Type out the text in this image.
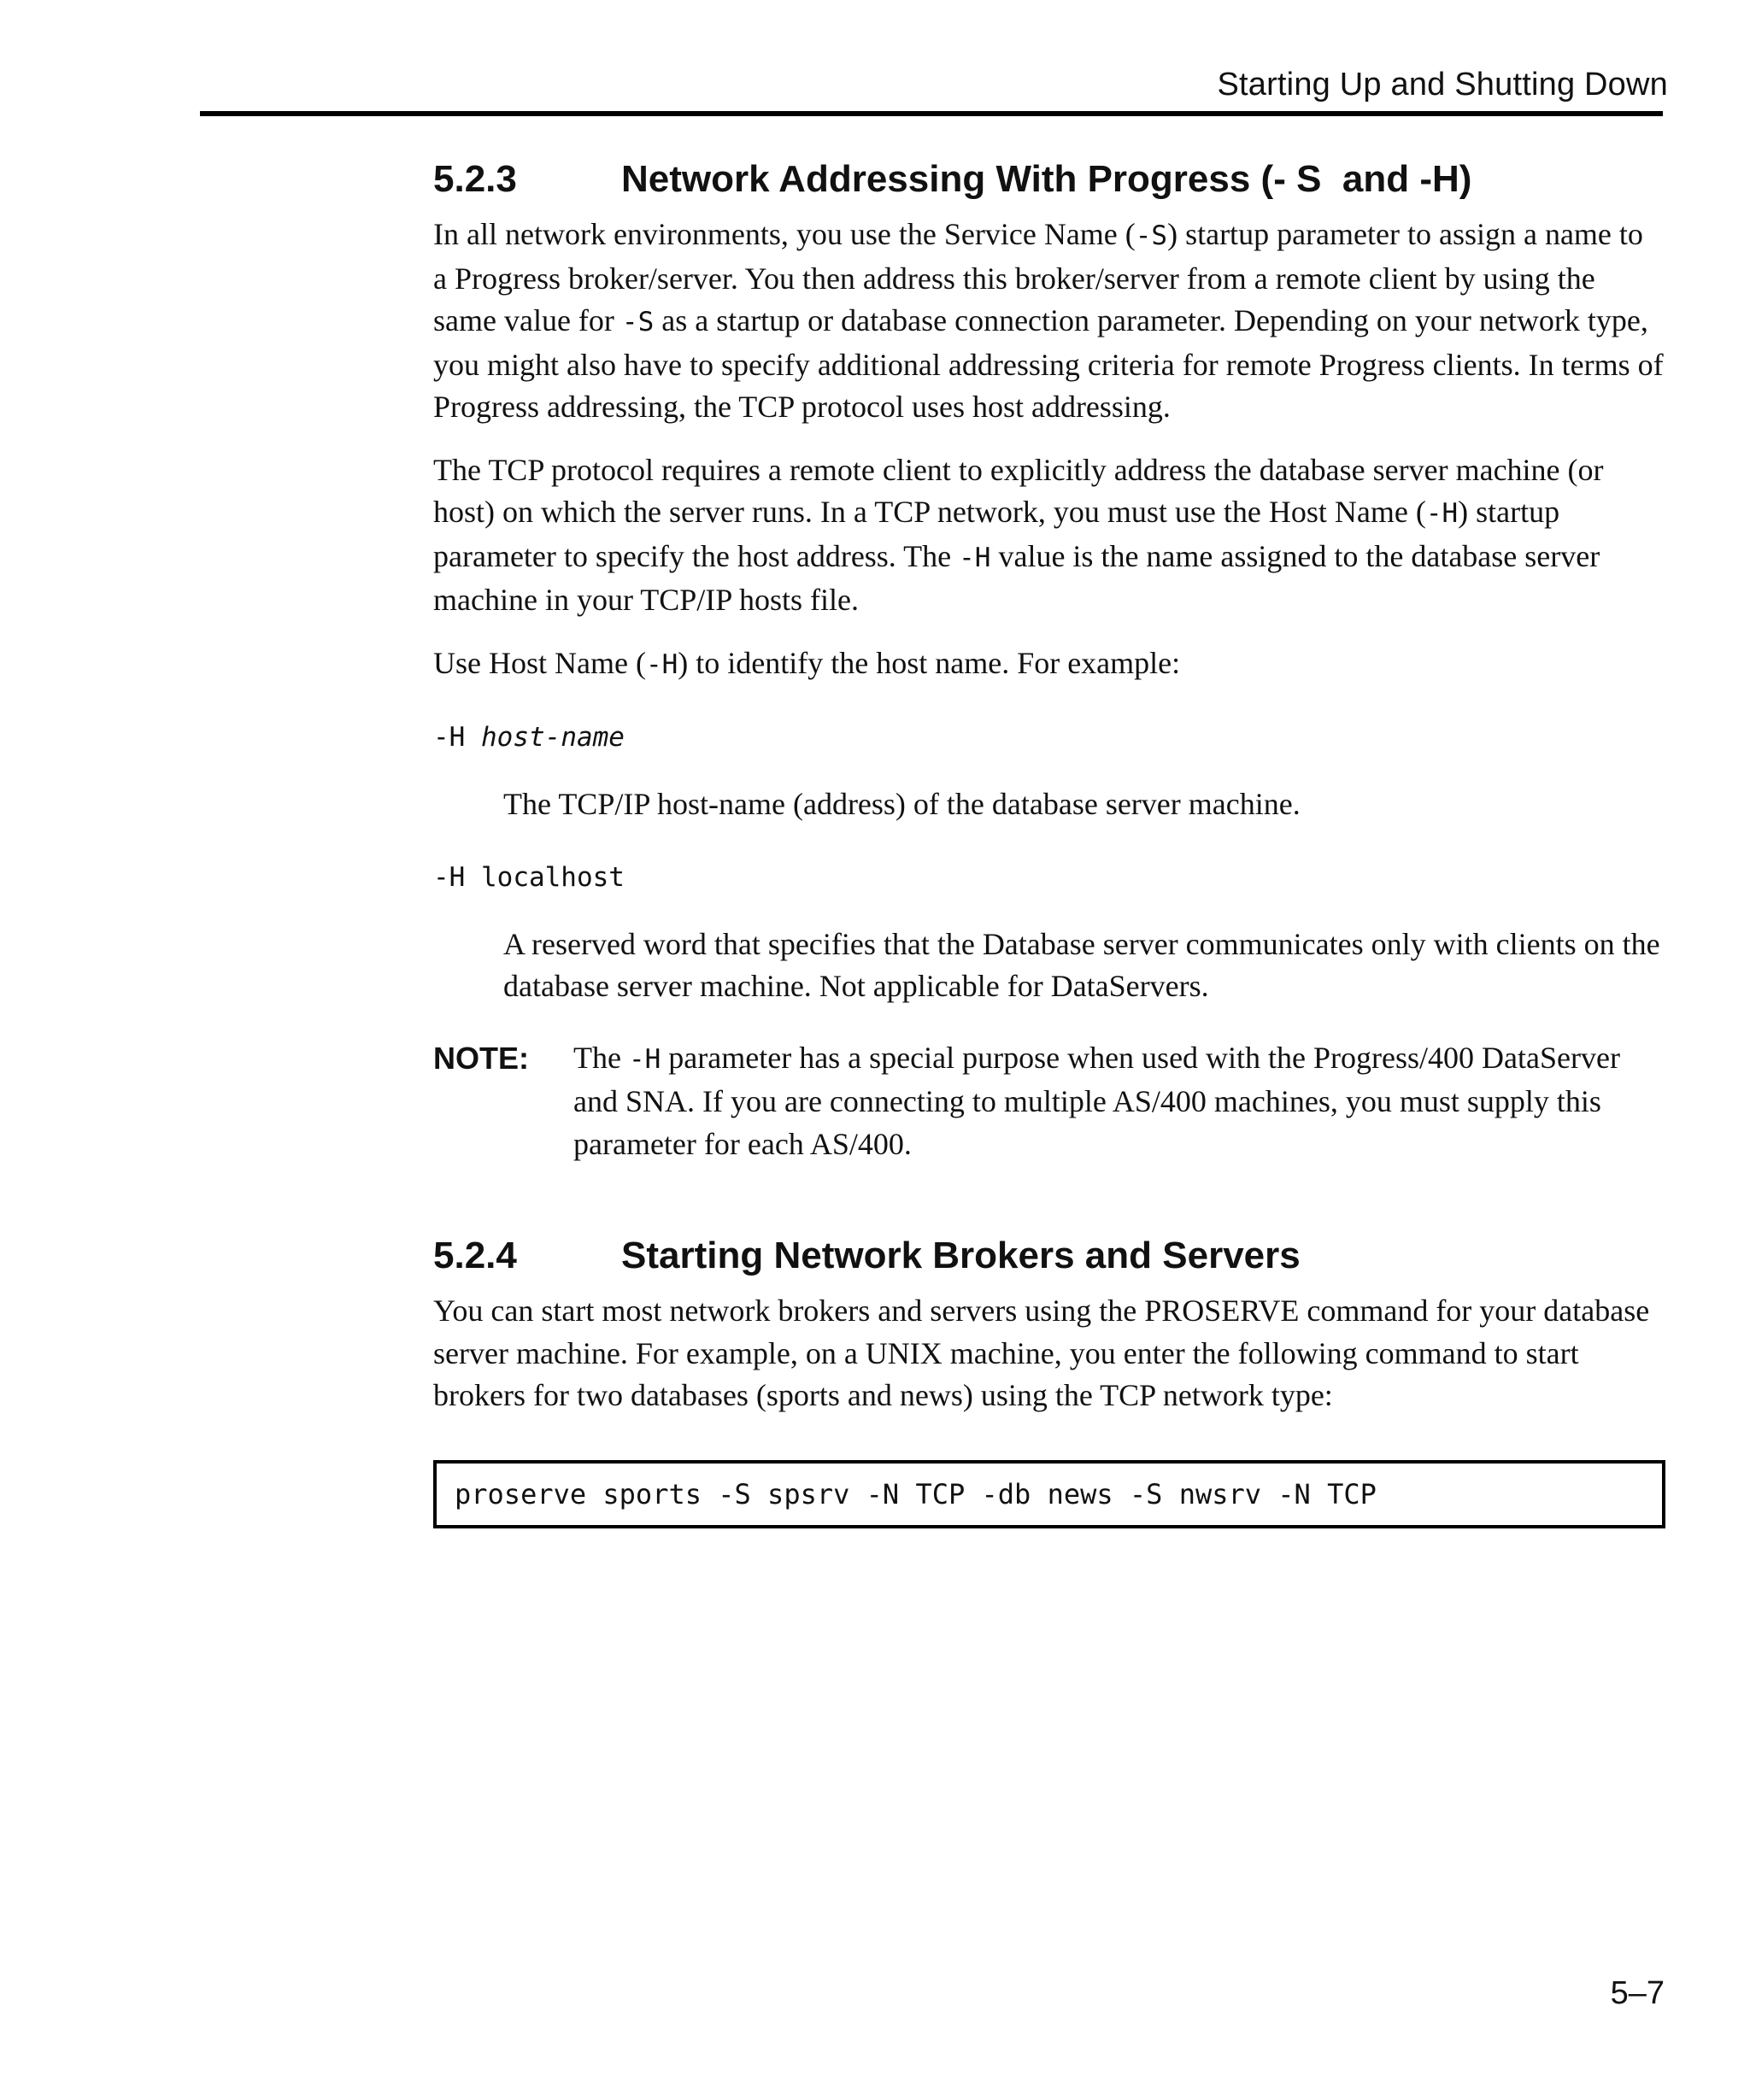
Starting Up and Shutting Down
5.2.3	Network Addressing With Progress (- S  and -H)

In all network environments, you use the Service Name (-S) startup parameter to assign a name to a Progress broker/server. You then address this broker/server from a remote client by using the same value for -S as a startup or database connection parameter. Depending on your network type, you might also have to specify additional addressing criteria for remote Progress clients. In terms of Progress addressing, the TCP protocol uses host addressing.

The TCP protocol requires a remote client to explicitly address the database server machine (or host) on which the server runs. In a TCP network, you must use the Host Name (-H) startup parameter to specify the host address. The -H value is the name assigned to the database server machine in your TCP/IP hosts file.

Use Host Name (-H) to identify the host name. For example:

-H host-name

The TCP/IP host-name (address) of the database server machine.

-H localhost

A reserved word that specifies that the Database server communicates only with clients on the database server machine. Not applicable for DataServers.

NOTE:	The -H parameter has a special purpose when used with the Progress/400 DataServer and SNA. If you are connecting to multiple AS/400 machines, you must supply this parameter for each AS/400.
5.2.4	Starting Network Brokers and Servers

You can start most network brokers and servers using the PROSERVE command for your database server machine. For example, on a UNIX machine, you enter the following command to start brokers for two databases (sports and news) using the TCP network type:

proserve sports -S spsrv -N TCP -db news -S nwsrv -N TCP
5–7
